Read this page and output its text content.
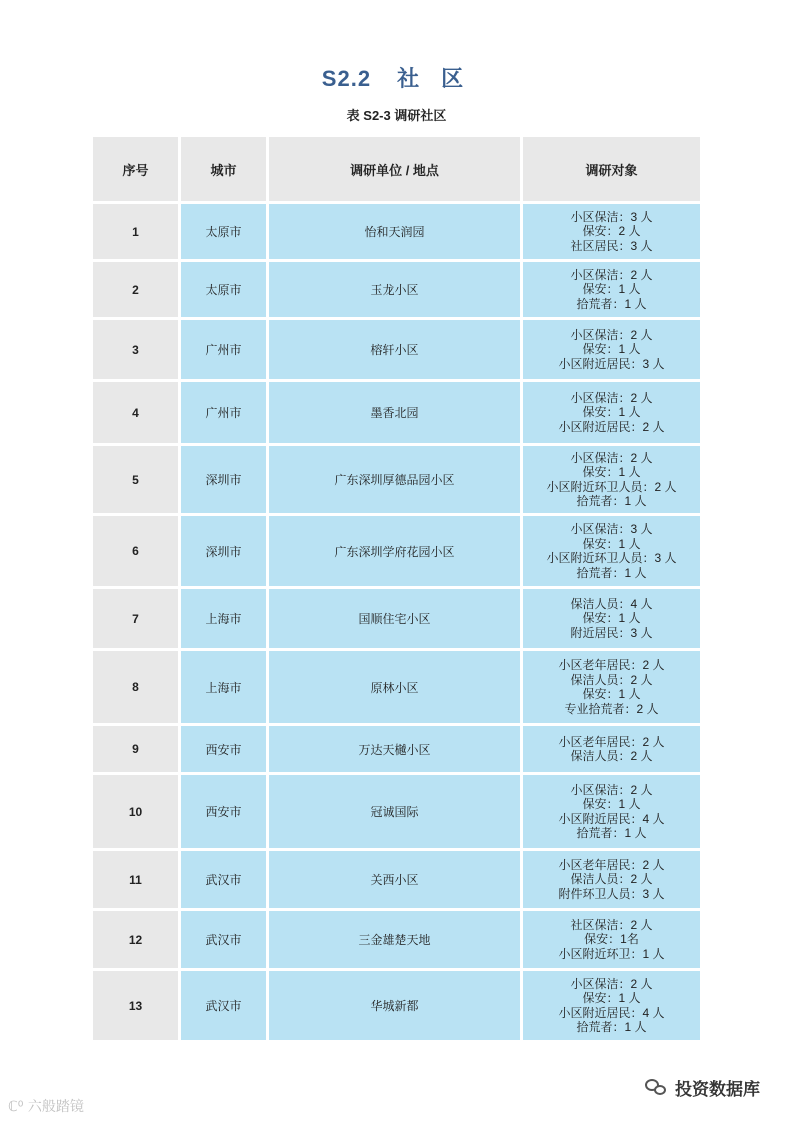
S2.2 社 区
表 S2-3 调研社区
序号	城市	调研单位 / 地点	调研对象
1	太原市	怡和天润园	小区保洁：3 人
保安：2 人
社区居民：3 人

2	太原市	玉龙小区	小区保洁：2 人
保安：1 人
拾荒者：1 人

3	广州市	榕轩小区	小区保洁：2 人
保安：1 人
小区附近居民：3 人

4	广州市	墨香北园	小区保洁：2 人
保安：1 人
小区附近居民：2 人

5	深圳市	广东深圳厚德品园小区	小区保洁：2 人
保安：1 人
小区附近环卫人员：2 人
拾荒者：1 人

6	深圳市	广东深圳学府花园小区	小区保洁：3 人
保安：1 人
小区附近环卫人员：3 人
拾荒者：1 人

7	上海市	国顺住宅小区	保洁人员：4 人
保安：1 人
附近居民：3 人

8	上海市	原林小区	小区老年居民：2 人
保洁人员：2 人
保安：1 人
专业拾荒者：2 人

9	西安市	万达天樾小区	小区老年居民：2 人
保洁人员：2 人

10	西安市	冠诚国际	小区保洁：2 人
保安：1 人
小区附近居民：4 人
拾荒者：1 人

11	武汉市	关西小区	小区老年居民：2 人
保洁人员：2 人
附件环卫人员：3 人

12	武汉市	三金雄楚天地	社区保洁：2 人
保安：1名
小区附近环卫：1 人

13	武汉市	华城新都	小区保洁：2 人
保安：1 人
小区附近居民：4 人
拾荒者：1 人
ℂ⁰ 六般踏镜
投资数据库
